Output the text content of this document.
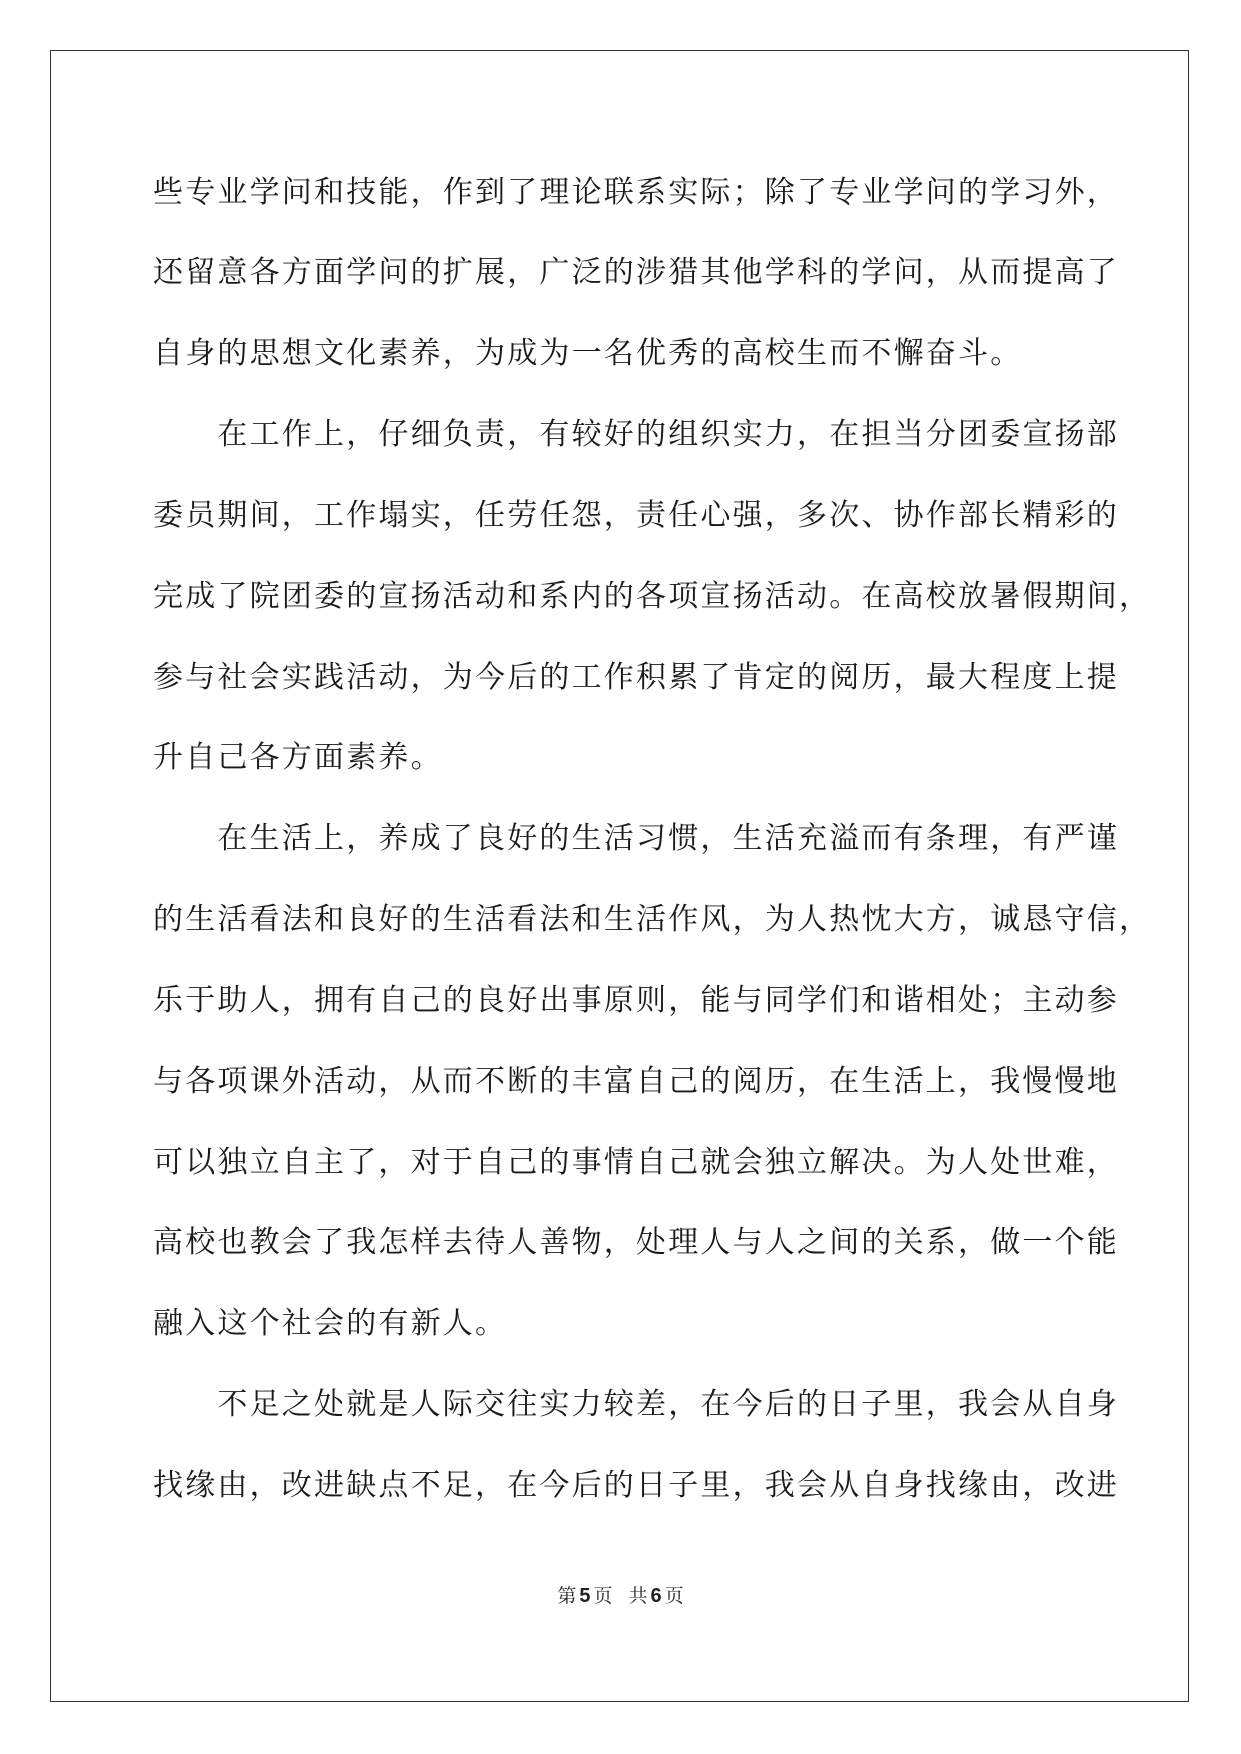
些专业学问和技能，作到了理论联系实际；除了专业学问的学习外，
还留意各方面学问的扩展，广泛的涉猎其他学科的学问，从而提高了
自身的思想文化素养，为成为一名优秀的高校生而不懈奋斗。
　　在工作上，仔细负责，有较好的组织实力，在担当分团委宣扬部
委员期间，工作塌实，任劳任怨，责任心强，多次、协作部长精彩的
完成了院团委的宣扬活动和系内的各项宣扬活动。在高校放暑假期间，
参与社会实践活动，为今后的工作积累了肯定的阅历，最大程度上提
升自己各方面素养。
　　在生活上，养成了良好的生活习惯，生活充溢而有条理，有严谨
的生活看法和良好的生活看法和生活作风，为人热忱大方，诚恳守信，
乐于助人，拥有自己的良好出事原则，能与同学们和谐相处；主动参
与各项课外活动，从而不断的丰富自己的阅历，在生活上，我慢慢地
可以独立自主了，对于自己的事情自己就会独立解决。为人处世难，
高校也教会了我怎样去待人善物，处理人与人之间的关系，做一个能
融入这个社会的有新人。
　　不足之处就是人际交往实力较差，在今后的日子里，我会从自身
找缘由，改进缺点不足，在今后的日子里，我会从自身找缘由，改进
第 5 页 共 6 页
